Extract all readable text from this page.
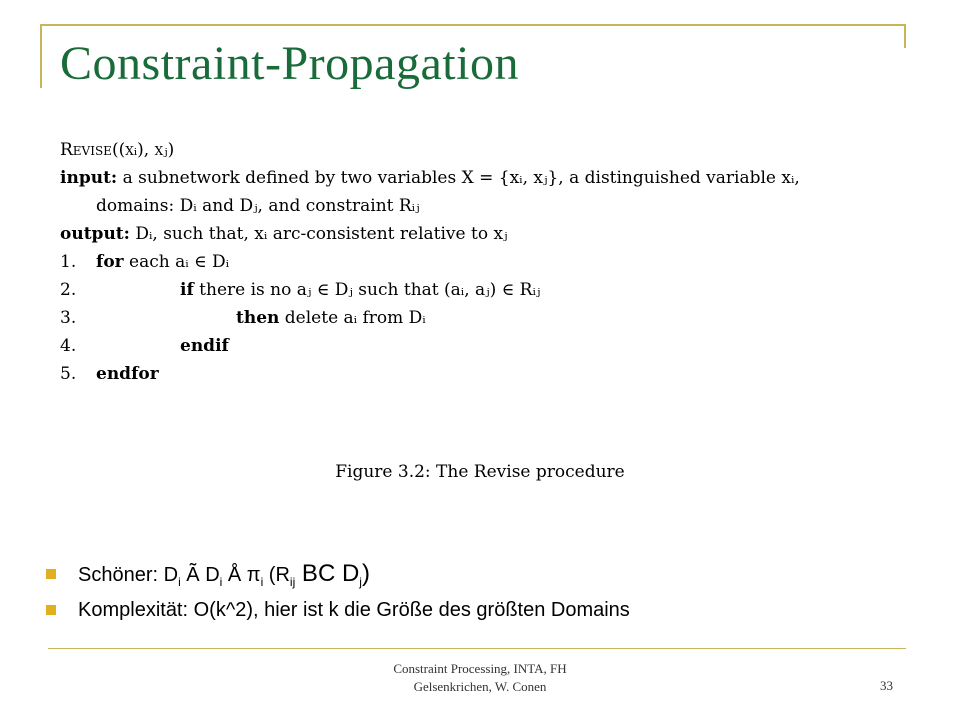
Constraint-Propagation
Revise((xᵢ), xⱼ)
input: a subnetwork defined by two variables X = {xᵢ, xⱼ}, a distinguished variable xᵢ,
domains: Dᵢ and Dⱼ, and constraint Rᵢⱼ
output: Dᵢ, such that, xᵢ arc-consistent relative to xⱼ
1. for each aᵢ ∈ Dᵢ
2.	if there is no aⱼ ∈ Dⱼ such that (aᵢ, aⱼ) ∈ Rᵢⱼ
3.	then delete aᵢ from Dᵢ
4.	endif
5. endfor
Figure 3.2: The Revise procedure
Schöner: $D_i$ Ã $D_i$ Å $\pi_i$ ($R_{ij}$ BC $D_j$)
Komplexität: O(k^2), hier ist k die Größe des größten Domains
Constraint Processing, INTA, FH
Gelsenkrichen, W. Conen	33
